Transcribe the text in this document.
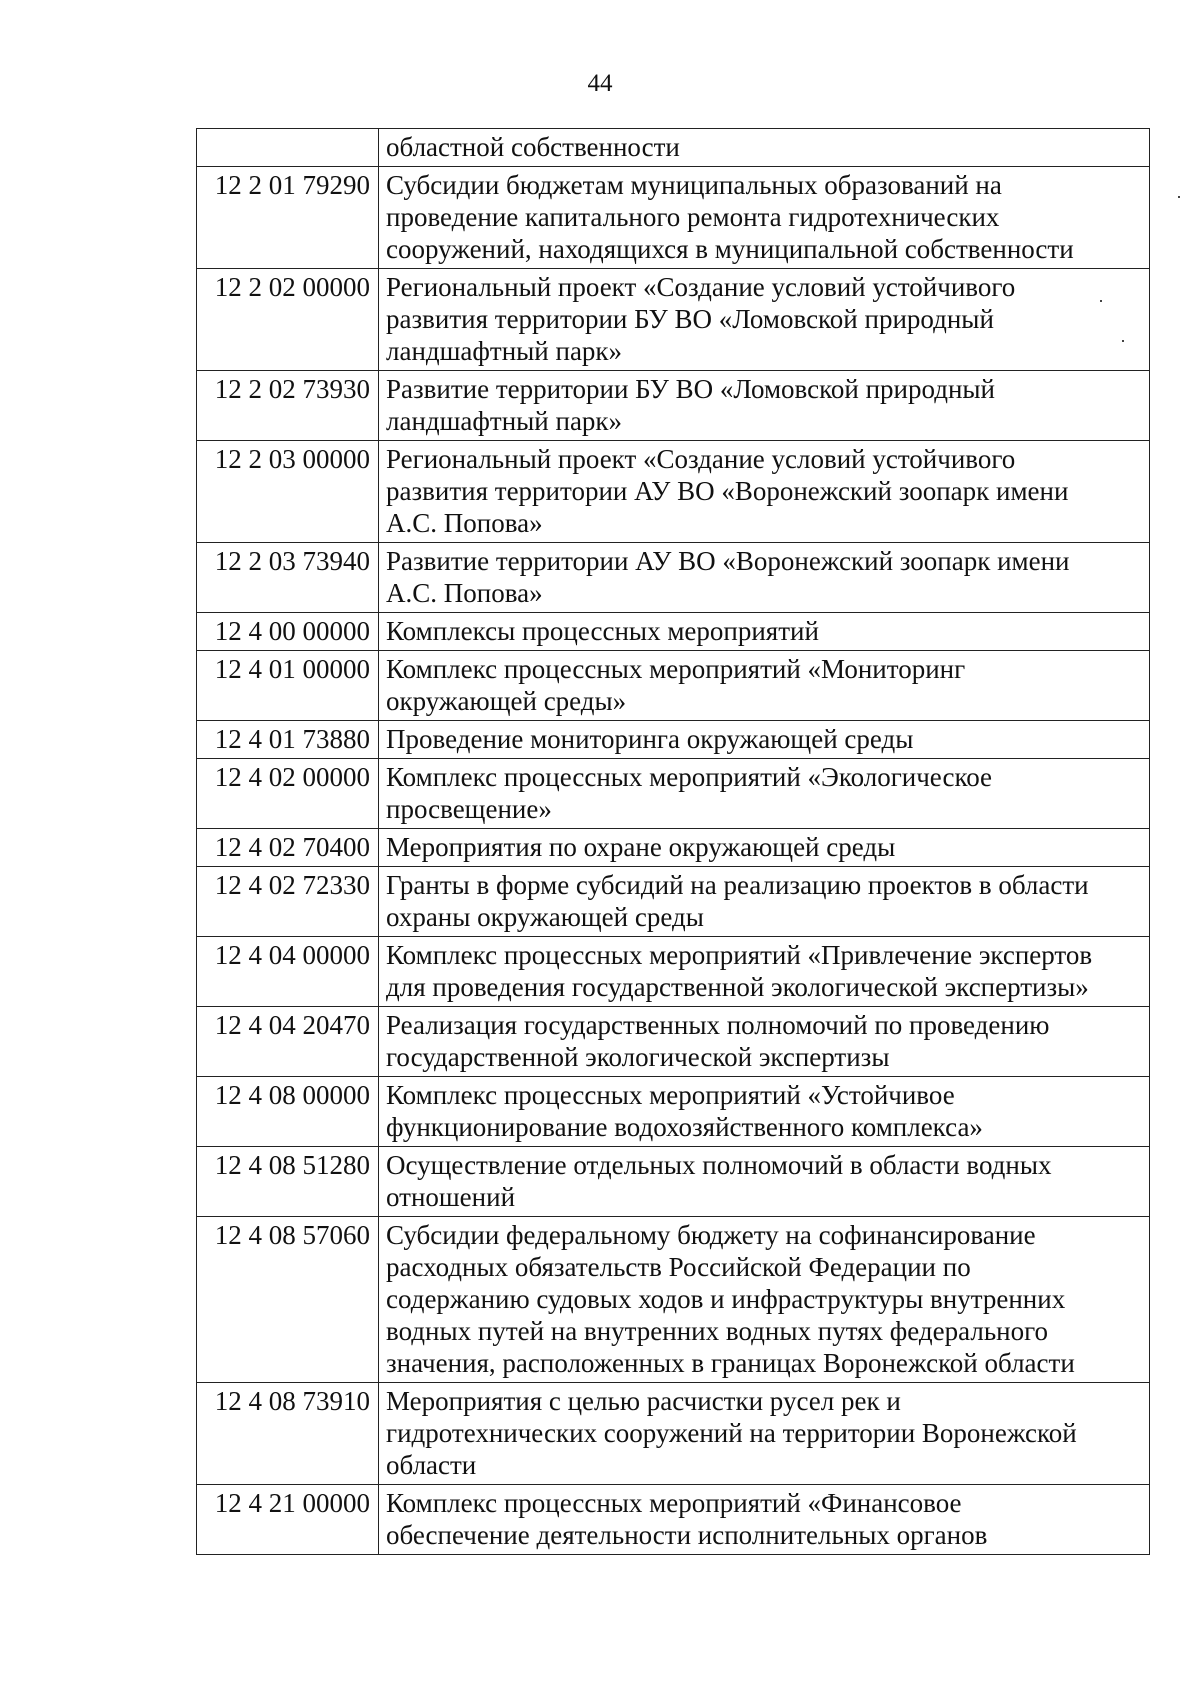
44

	областной собственности

12 2 01 79290	Субсидии бюджетам муниципальных образований на
проведение капитального ремонта гидротехнических
сооружений, находящихся в муниципальной собственности

12 2 02 00000	Региональный проект «Создание условий устойчивого
развития территории БУ ВО «Ломовской природный
ландшафтный парк»

12 2 02 73930	Развитие территории БУ ВО «Ломовской природный
ландшафтный парк»

12 2 03 00000	Региональный проект «Создание условий устойчивого
развития территории АУ ВО «Воронежский зоопарк имени
А.С. Попова»

12 2 03 73940	Развитие территории АУ ВО «Воронежский зоопарк имени
А.С. Попова»

12 4 00 00000	Комплексы процессных мероприятий

12 4 01 00000	Комплекс процессных мероприятий «Мониторинг
окружающей среды»

12 4 01 73880	Проведение мониторинга окружающей среды

12 4 02 00000	Комплекс процессных мероприятий «Экологическое
просвещение»

12 4 02 70400	Мероприятия по охране окружающей среды

12 4 02 72330	Гранты в форме субсидий на реализацию проектов в области
охраны окружающей среды

12 4 04 00000	Комплекс процессных мероприятий «Привлечение экспертов
для проведения государственной экологической экспертизы»

12 4 04 20470	Реализация государственных полномочий по проведению
государственной экологической экспертизы

12 4 08 00000	Комплекс процессных мероприятий «Устойчивое
функционирование водохозяйственного комплекса»

12 4 08 51280	Осуществление отдельных полномочий в области водных
отношений

12 4 08 57060	Субсидии федеральному бюджету на софинансирование
расходных обязательств Российской Федерации по
содержанию судовых ходов и инфраструктуры внутренних
водных путей на внутренних водных путях федерального
значения, расположенных в границах Воронежской области

12 4 08 73910	Мероприятия с целью расчистки русел рек и
гидротехнических сооружений на территории Воронежской
области

12 4 21 00000	Комплекс процессных мероприятий «Финансовое
обеспечение деятельности исполнительных органов
